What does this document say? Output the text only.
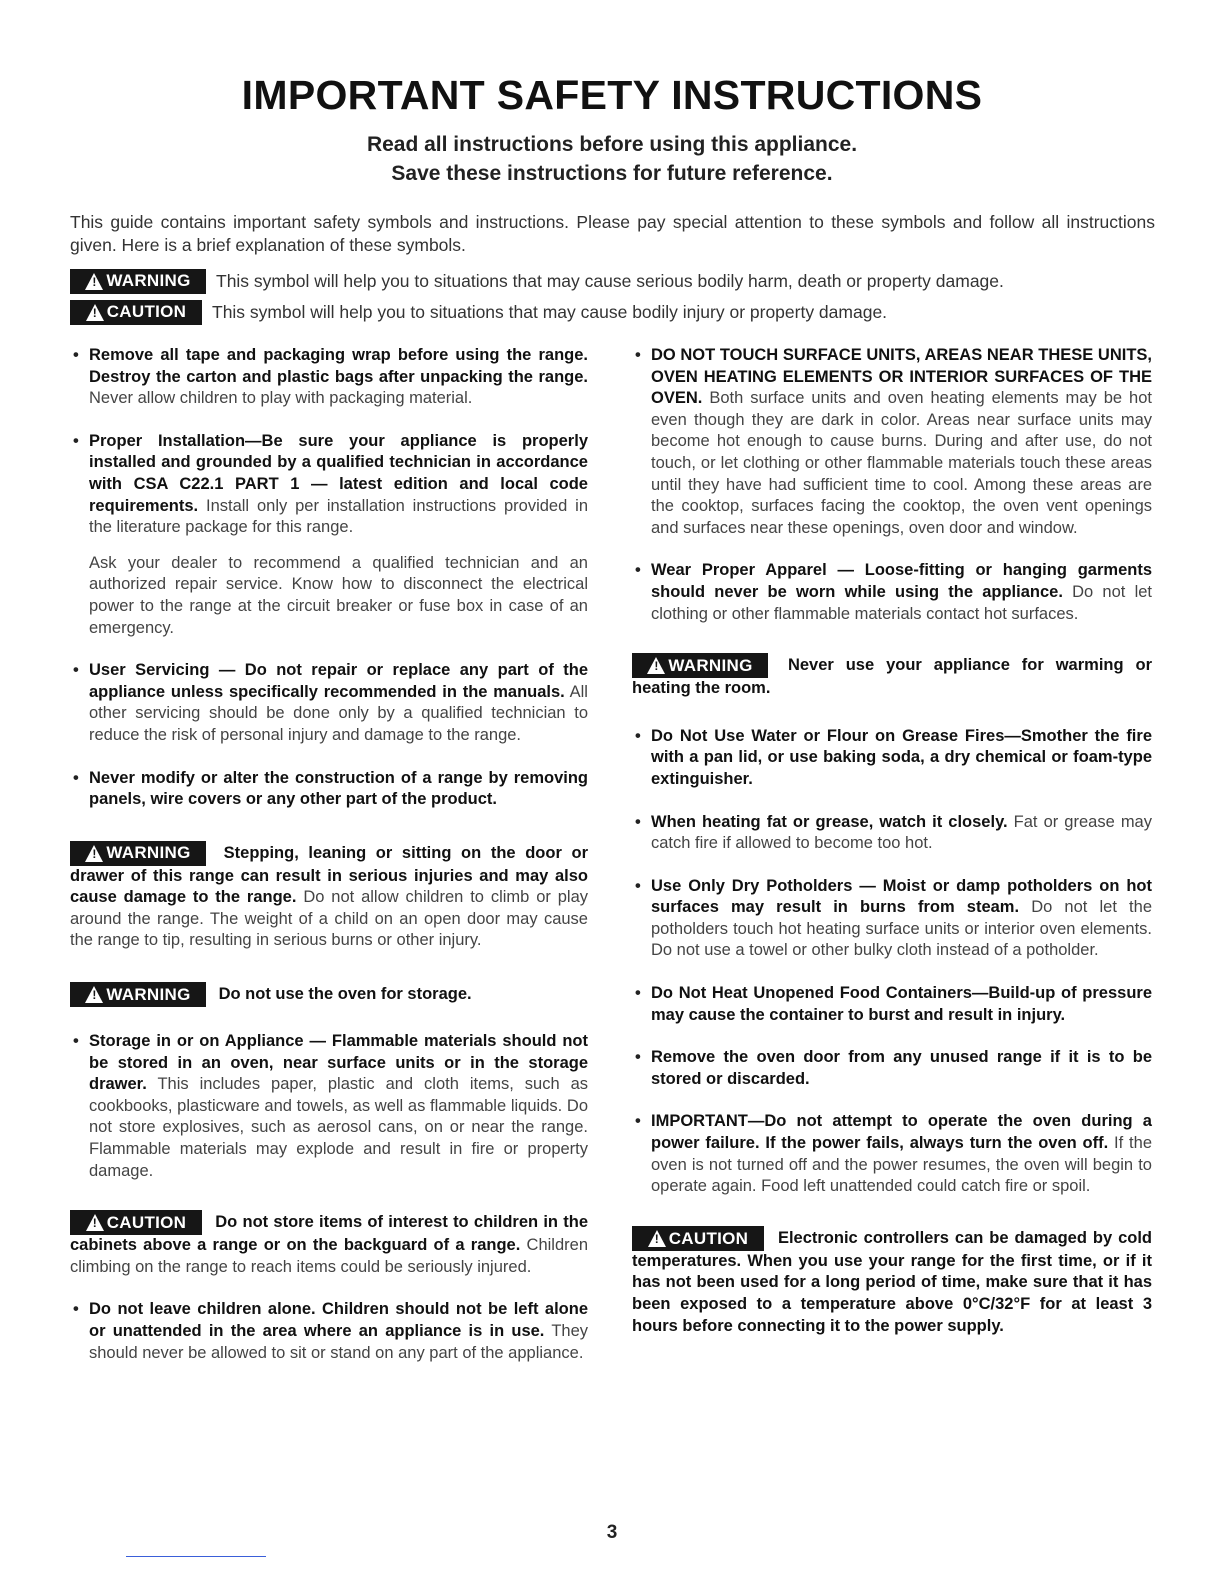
IMPORTANT SAFETY INSTRUCTIONS
Read all instructions before using this appliance.
Save these instructions for future reference.
This guide contains important safety symbols and instructions. Please pay special attention to these symbols and follow all instructions given. Here is a brief explanation of these symbols.
! WARNING This symbol will help you to situations that may cause serious bodily harm, death or property damage.
! CAUTION This symbol will help you to situations that may cause bodily injury or property damage.
• Remove all tape and packaging wrap before using the range. Destroy the carton and plastic bags after unpacking the range. Never allow children to play with packaging material.
• Proper Installation—Be sure your appliance is properly installed and grounded by a qualified technician in accordance with CSA C22.1 PART 1 — latest edition and local code requirements. Install only per installation instructions provided in the literature package for this range.
Ask your dealer to recommend a qualified technician and an authorized repair service. Know how to disconnect the electrical power to the range at the circuit breaker or fuse box in case of an emergency.
• User Servicing — Do not repair or replace any part of the appliance unless specifically recommended in the manuals. All other servicing should be done only by a qualified technician to reduce the risk of personal injury and damage to the range.
• Never modify or alter the construction of a range by removing panels, wire covers or any other part of the product.
! WARNING Stepping, leaning or sitting on the door or drawer of this range can result in serious injuries and may also cause damage to the range. Do not allow children to climb or play around the range. The weight of a child on an open door may cause the range to tip, resulting in serious burns or other injury.
! WARNING Do not use the oven for storage.
• Storage in or on Appliance — Flammable materials should not be stored in an oven, near surface units or in the storage drawer. This includes paper, plastic and cloth items, such as cookbooks, plasticware and towels, as well as flammable liquids. Do not store explosives, such as aerosol cans, on or near the range. Flammable materials may explode and result in fire or property damage.
! CAUTION Do not store items of interest to children in the cabinets above a range or on the backguard of a range. Children climbing on the range to reach items could be seriously injured.
• Do not leave children alone. Children should not be left alone or unattended in the area where an appliance is in use. They should never be allowed to sit or stand on any part of the appliance.
• DO NOT TOUCH SURFACE UNITS, AREAS NEAR THESE UNITS, OVEN HEATING ELEMENTS OR INTERIOR SURFACES OF THE OVEN. Both surface units and oven heating elements may be hot even though they are dark in color. Areas near surface units may become hot enough to cause burns. During and after use, do not touch, or let clothing or other flammable materials touch these areas until they have had sufficient time to cool. Among these areas are the cooktop, surfaces facing the cooktop, the oven vent openings and surfaces near these openings, oven door and window.
• Wear Proper Apparel — Loose-fitting or hanging garments should never be worn while using the appliance. Do not let clothing or other flammable materials contact hot surfaces.
! WARNING Never use your appliance for warming or heating the room.
• Do Not Use Water or Flour on Grease Fires—Smother the fire with a pan lid, or use baking soda, a dry chemical or foam-type extinguisher.
• When heating fat or grease, watch it closely. Fat or grease may catch fire if allowed to become too hot.
• Use Only Dry Potholders — Moist or damp potholders on hot surfaces may result in burns from steam. Do not let the potholders touch hot heating surface units or interior oven elements. Do not use a towel or other bulky cloth instead of a potholder.
• Do Not Heat Unopened Food Containers—Build-up of pressure may cause the container to burst and result in injury.
• Remove the oven door from any unused range if it is to be stored or discarded.
• IMPORTANT—Do not attempt to operate the oven during a power failure. If the power fails, always turn the oven off. If the oven is not turned off and the power resumes, the oven will begin to operate again. Food left unattended could catch fire or spoil.
! CAUTION Electronic controllers can be damaged by cold temperatures. When you use your range for the first time, or if it has not been used for a long period of time, make sure that it has been exposed to a temperature above 0°C/32°F for at least 3 hours before connecting it to the power supply.
3
